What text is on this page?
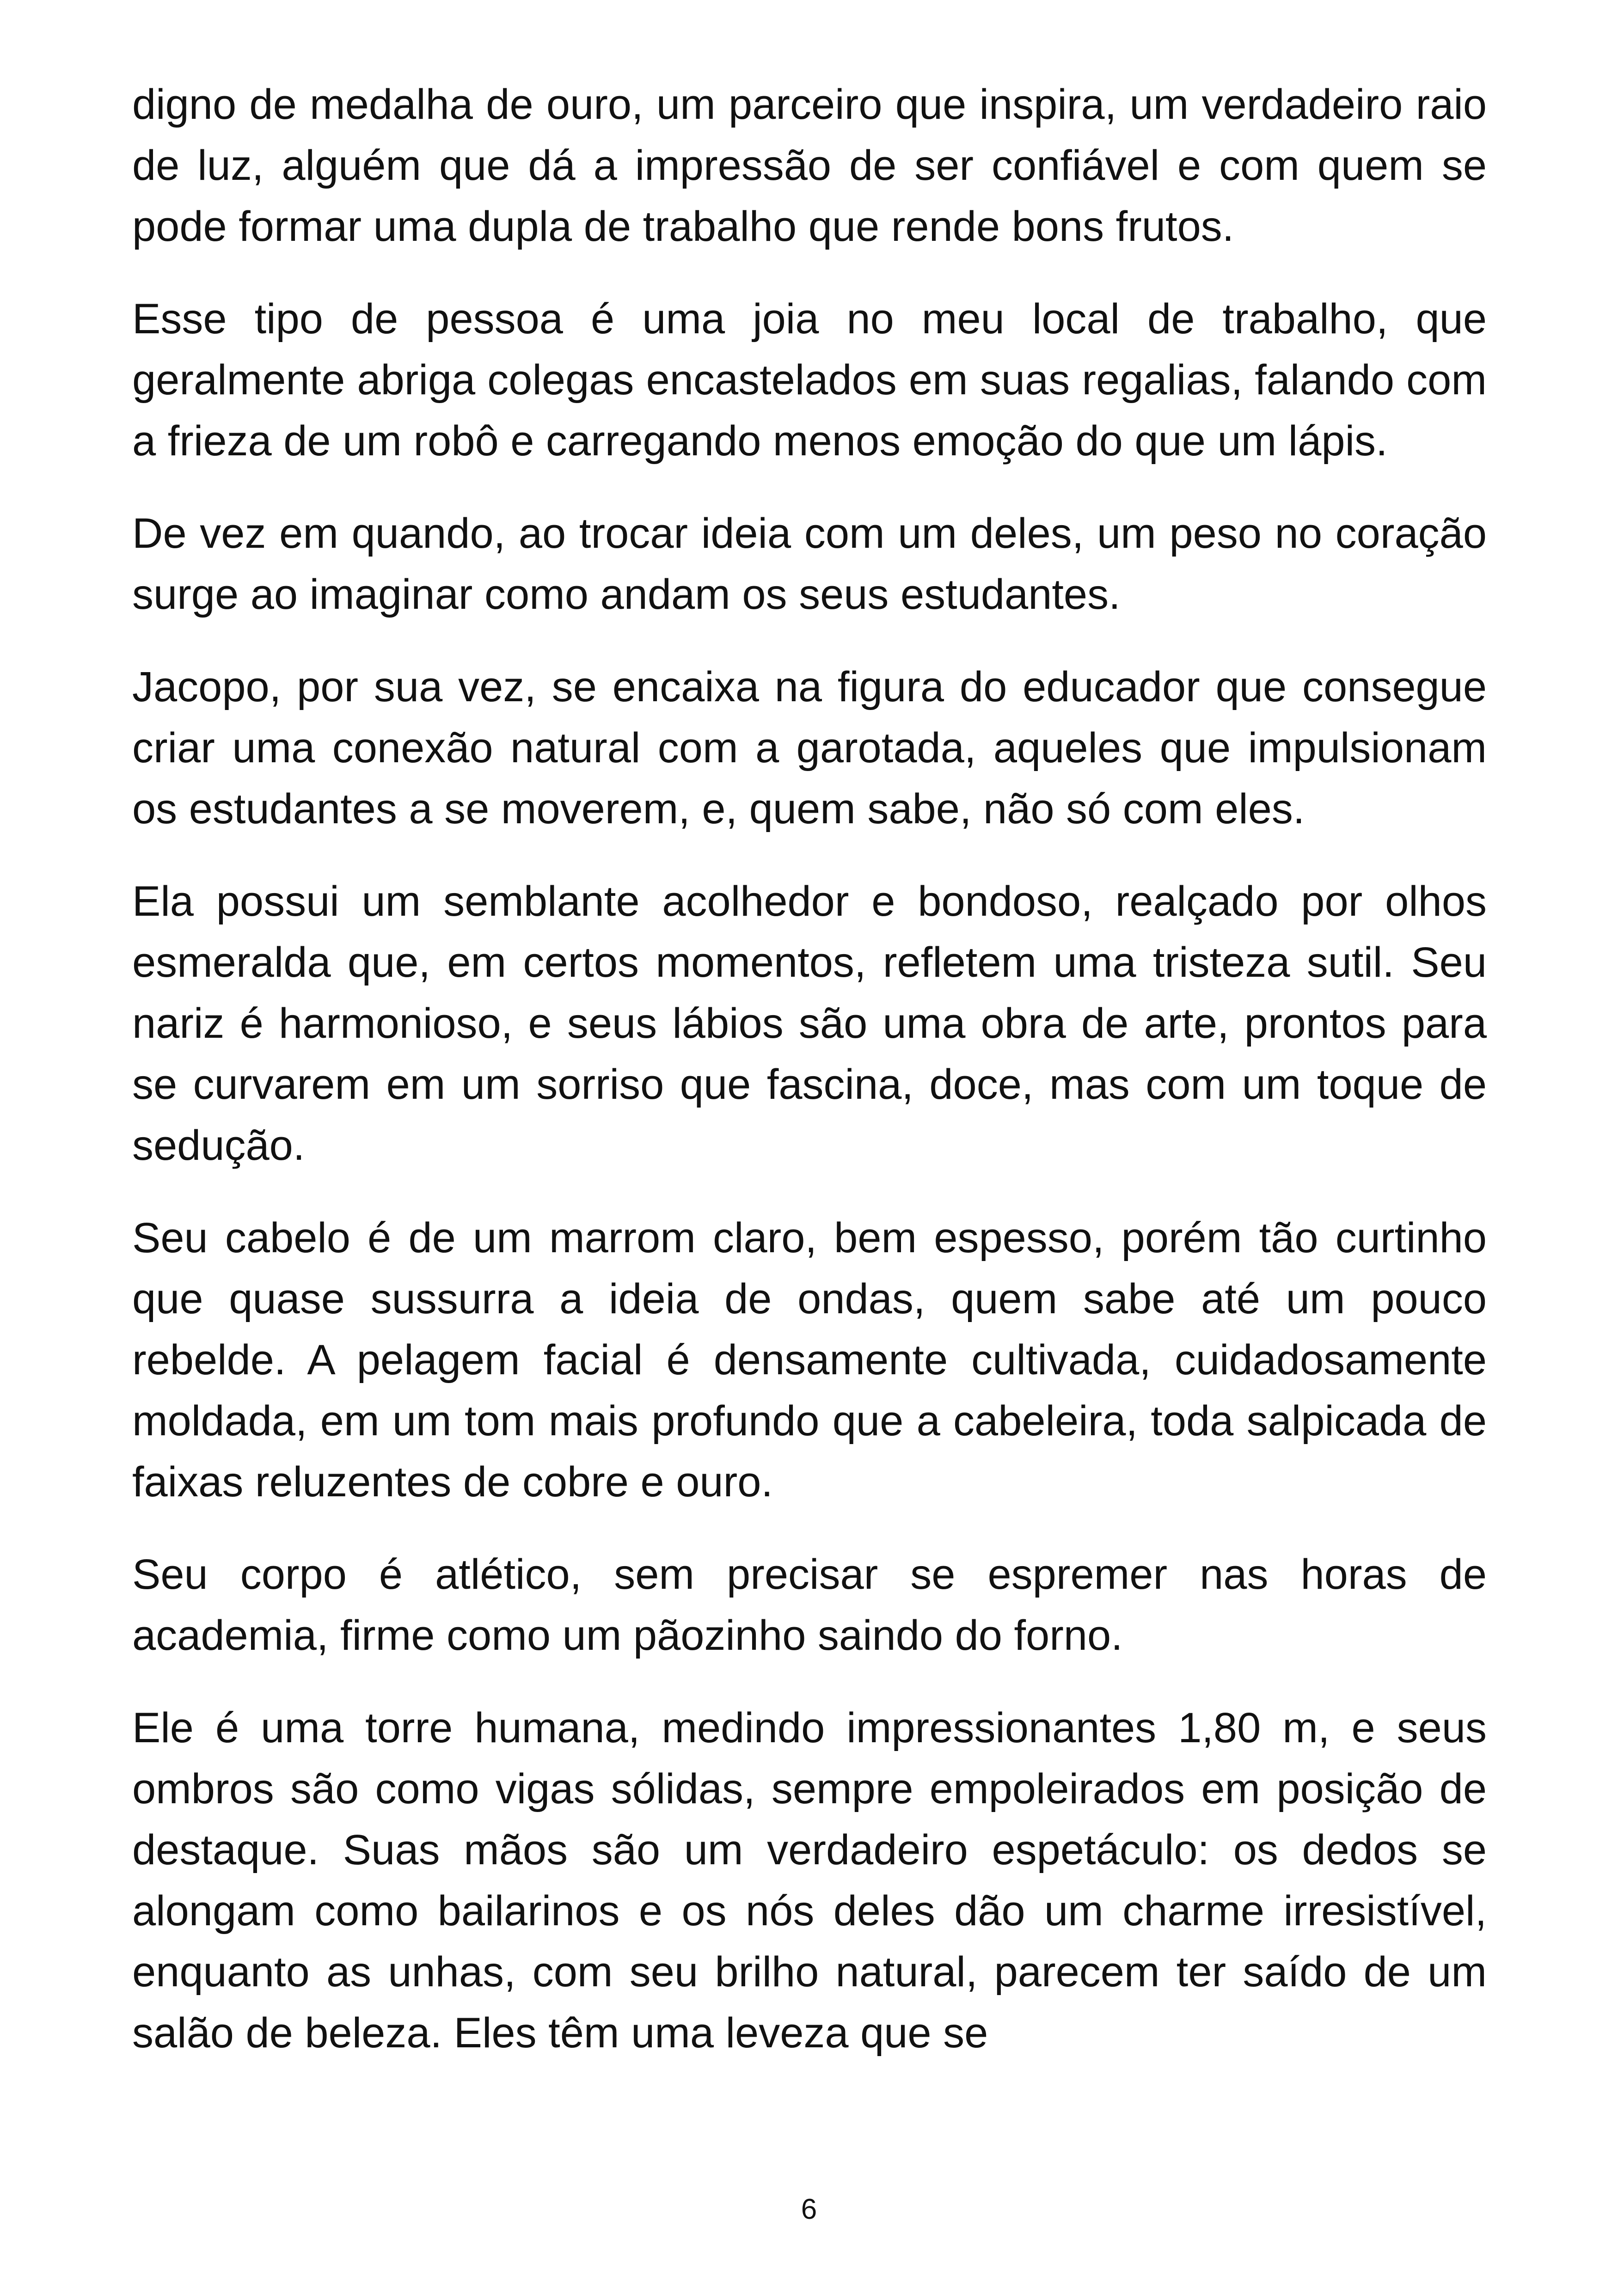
digno de medalha de ouro, um parceiro que inspira, um verdadeiro raio de luz, alguém que dá a impressão de ser confiável e com quem se pode formar uma dupla de trabalho que rende bons frutos.

Esse tipo de pessoa é uma joia no meu local de trabalho, que geralmente abriga colegas encastelados em suas regalias, falando com a frieza de um robô e carregando menos emoção do que um lápis.

De vez em quando, ao trocar ideia com um deles, um peso no coração surge ao imaginar como andam os seus estudantes.

Jacopo, por sua vez, se encaixa na figura do educador que consegue criar uma conexão natural com a garotada, aqueles que impulsionam os estudantes a se moverem, e, quem sabe, não só com eles.

Ela possui um semblante acolhedor e bondoso, realçado por olhos esmeralda que, em certos momentos, refletem uma tristeza sutil. Seu nariz é harmonioso, e seus lábios são uma obra de arte, prontos para se curvarem em um sorriso que fascina, doce, mas com um toque de sedução.

Seu cabelo é de um marrom claro, bem espesso, porém tão curtinho que quase sussurra a ideia de ondas, quem sabe até um pouco rebelde. A pelagem facial é densamente cultivada, cuidadosamente moldada, em um tom mais profundo que a cabeleira, toda salpicada de faixas reluzentes de cobre e ouro.

Seu corpo é atlético, sem precisar se espremer nas horas de academia, firme como um pãozinho saindo do forno.

Ele é uma torre humana, medindo impressionantes 1,80 m, e seus ombros são como vigas sólidas, sempre empoleirados em posição de destaque. Suas mãos são um verdadeiro espetáculo: os dedos se alongam como bailarinos e os nós deles dão um charme irresistível, enquanto as unhas, com seu brilho natural, parecem ter saído de um salão de beleza. Eles têm uma leveza que se

6
